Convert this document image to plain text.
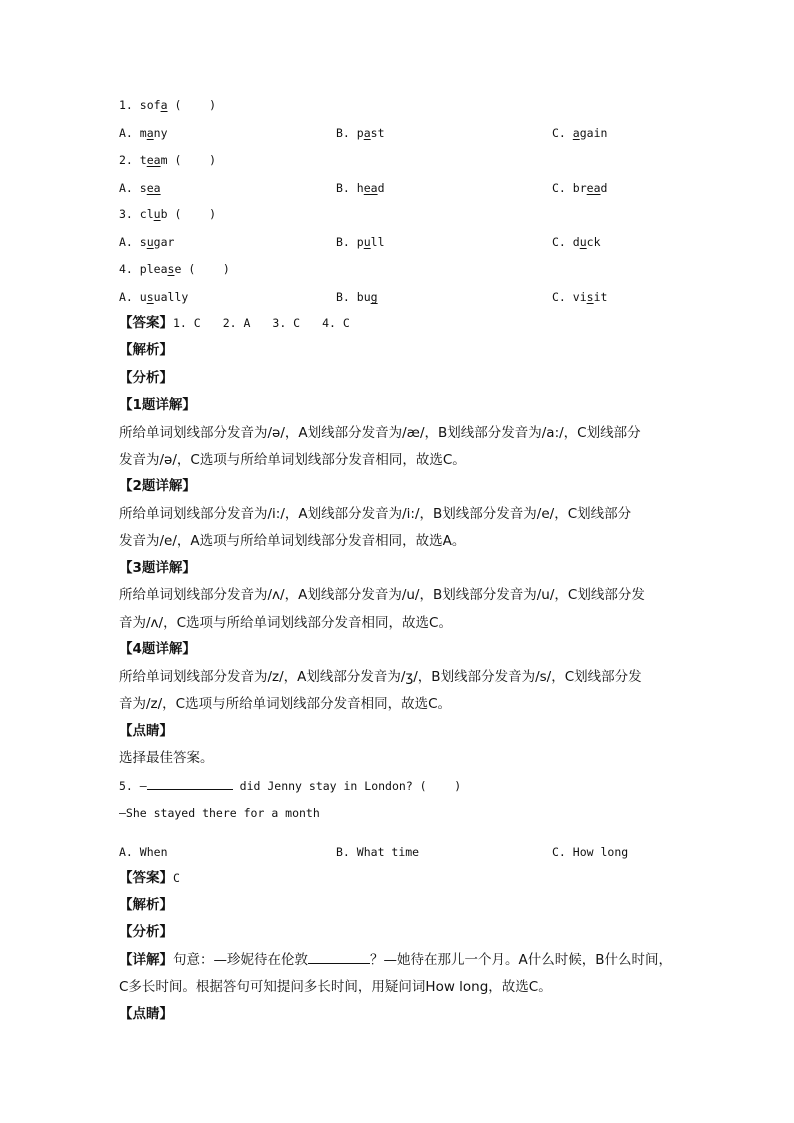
1. sofa (    )
A. many	B. past	C. again
2. team (    )
A. sea	B. head	C. bread
3. club (    )
A. sugar	B. pull	C. duck
4. please (    )
A. usually	B. bug	C. visit
【答案】1. C 2. A 3. C 4. C
【解析】
【分析】
【1题详解】
所给单词划线部分发音为/ə/，A划线部分发音为/æ/，B划线部分发音为/a:/，C划线部分
发音为/ə/，C选项与所给单词划线部分发音相同，故选C。
【2题详解】
所给单词划线部分发音为/i:/，A划线部分发音为/i:/，B划线部分发音为/e/，C划线部分
发音为/e/，A选项与所给单词划线部分发音相同，故选A。
【3题详解】
所给单词划线部分发音为/ʌ/，A划线部分发音为/u/，B划线部分发音为/u/，C划线部分发
音为/ʌ/，C选项与所给单词划线部分发音相同，故选C。
【4题详解】
所给单词划线部分发音为/z/，A划线部分发音为/ʒ/，B划线部分发音为/s/，C划线部分发
音为/z/，C选项与所给单词划线部分发音相同，故选C。
【点睛】
选择最佳答案。
5. —	did Jenny stay in London? (    )
—She stayed there for a month
A. When	B. What time	C. How long
【答案】C
【解析】
【分析】
【详解】句意：—珍妮待在伦敦	？—她待在那儿一个月。A什么时候，B什么时间，
C多长时间。根据答句可知提问多长时间，用疑问词How long，故选C。
【点睛】
